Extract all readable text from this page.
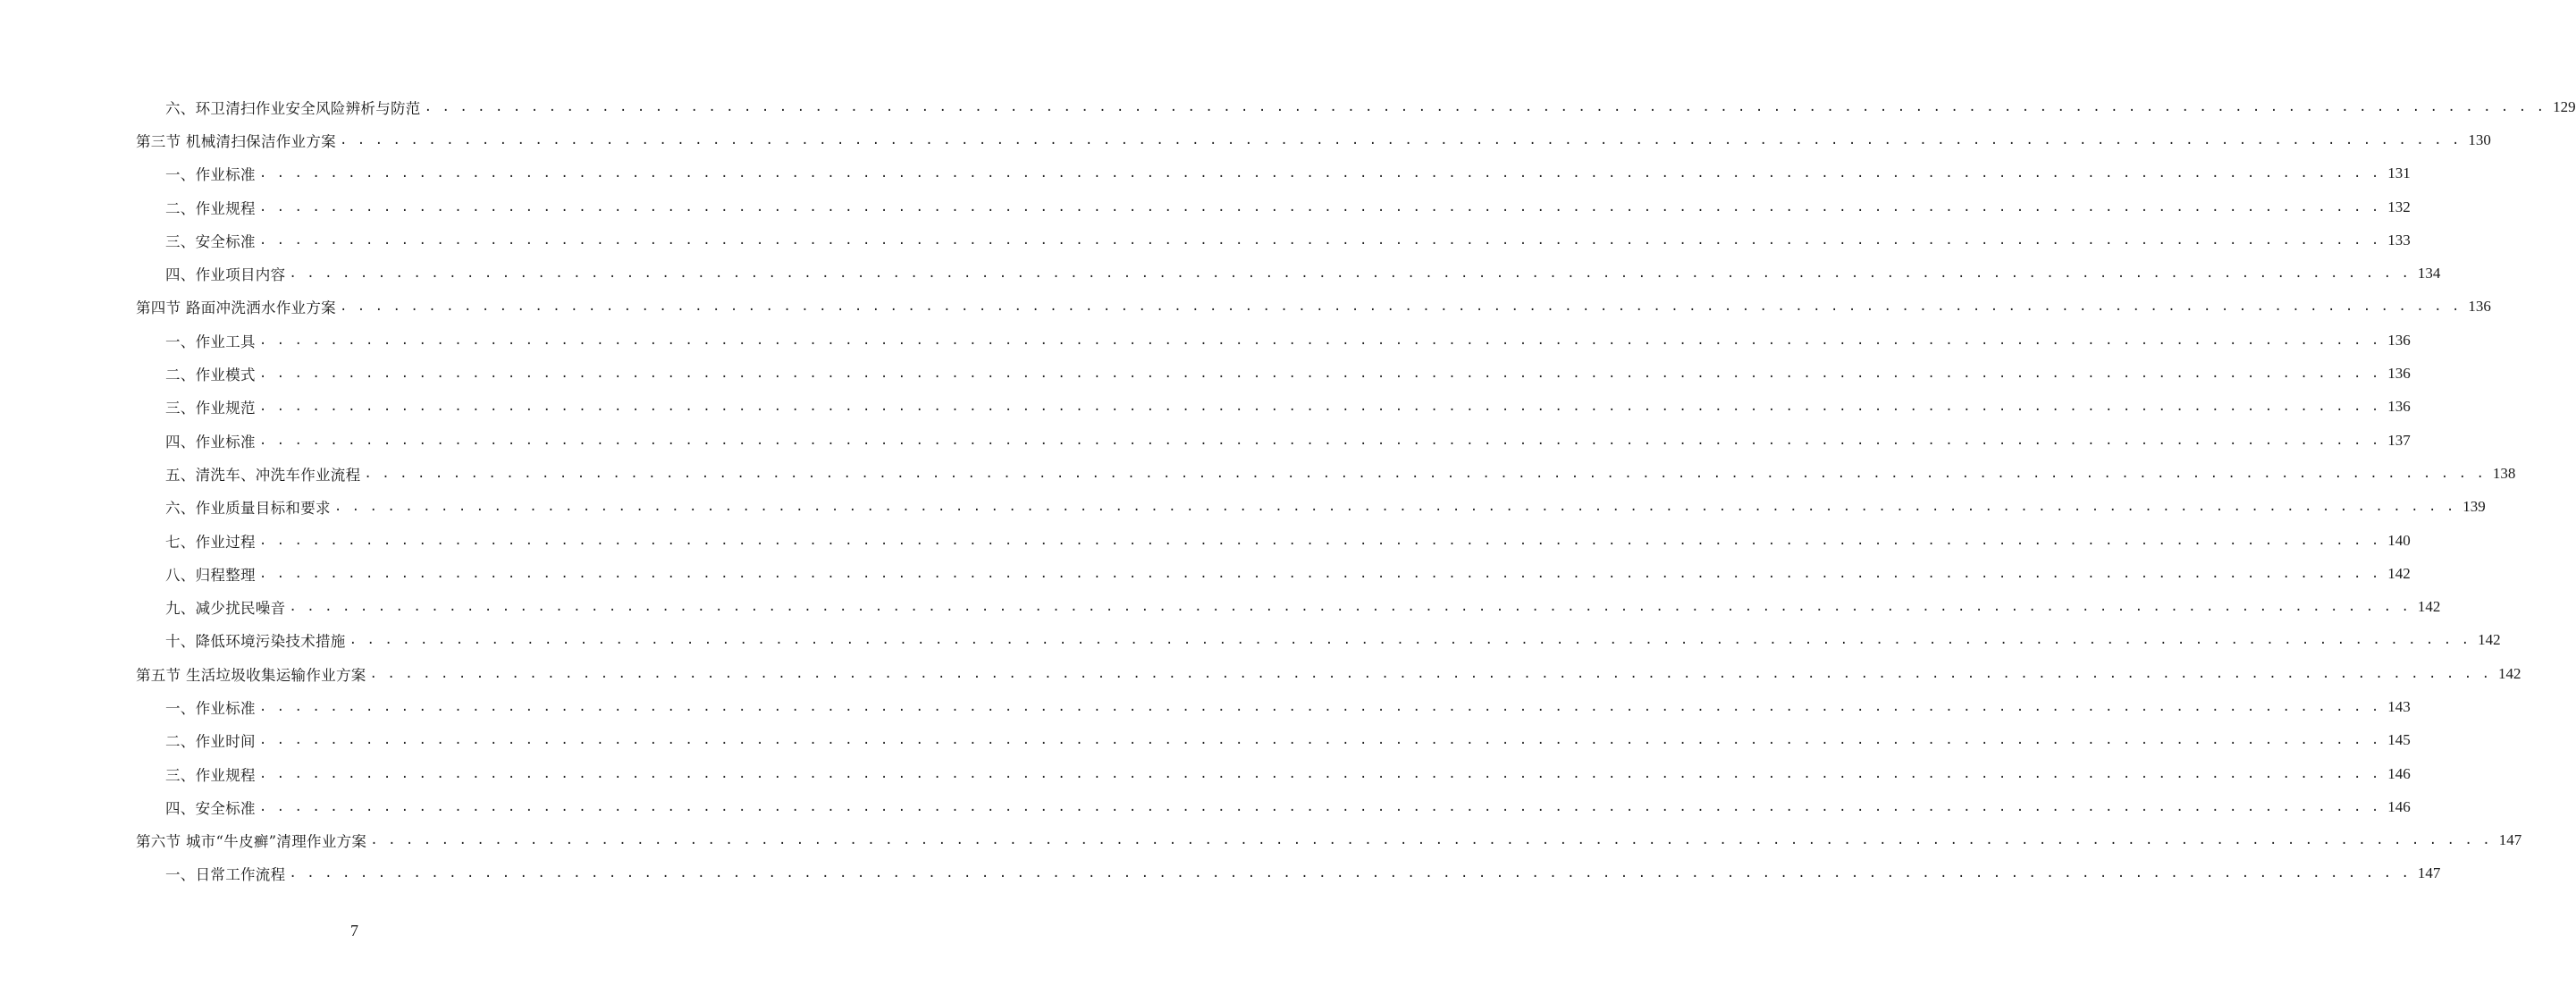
六、环卫清扫作业安全风险辨析与防范 . . . . . . . . . . . . . . . . . . . . . . . . . . . . . . . . . . . . . . . . . . . . . . . . . . . . . . . . . . . . . . . . . . . . . . . . . . . . . . . . . . . . . . . . . . . . . . . . . . . . . . . . . . . . . . . . . . . . . . . . 129
第三节 机械清扫保洁作业方案 . . . . . . . . . . . . . . . . . . . . . . . . . . . . . . . . . . . . . . . . . . . . . . . . . . . . . . . . . . . . . . . . . . . . . . . . . . . . . . . . . . . . . . . . . . . . . . . . . . . . . . . . . . . . . . . . . . . . . . . . 130
一、作业标准 . . . . . . . . . . . . . . . . . . . . . . . . . . . . . . . . . . . . . . . . . . . . . . . . . . . . . . . . . . . . . . . . . . . . . . . . . . . . . . . . . . . . . . . . . . . . . . . . . . . . . . . . . . . . . . . . . . . . . . . . 131
二、作业规程 . . . . . . . . . . . . . . . . . . . . . . . . . . . . . . . . . . . . . . . . . . . . . . . . . . . . . . . . . . . . . . . . . . . . . . . . . . . . . . . . . . . . . . . . . . . . . . . . . . . . . . . . . . . . . . . . . . . . . . . . 132
三、安全标准 . . . . . . . . . . . . . . . . . . . . . . . . . . . . . . . . . . . . . . . . . . . . . . . . . . . . . . . . . . . . . . . . . . . . . . . . . . . . . . . . . . . . . . . . . . . . . . . . . . . . . . . . . . . . . . . . . . . . . . . . 133
四、作业项目内容 . . . . . . . . . . . . . . . . . . . . . . . . . . . . . . . . . . . . . . . . . . . . . . . . . . . . . . . . . . . . . . . . . . . . . . . . . . . . . . . . . . . . . . . . . . . . . . . . . . . . . . . . . . . . . . . . . . . . . . . . 134
第四节 路面冲洗洒水作业方案 . . . . . . . . . . . . . . . . . . . . . . . . . . . . . . . . . . . . . . . . . . . . . . . . . . . . . . . . . . . . . . . . . . . . . . . . . . . . . . . . . . . . . . . . . . . . . . . . . . . . . . . . . . . . . . . . . . . . . . . . 136
一、作业工具 . . . . . . . . . . . . . . . . . . . . . . . . . . . . . . . . . . . . . . . . . . . . . . . . . . . . . . . . . . . . . . . . . . . . . . . . . . . . . . . . . . . . . . . . . . . . . . . . . . . . . . . . . . . . . . . . . . . . . . . . 136
二、作业模式 . . . . . . . . . . . . . . . . . . . . . . . . . . . . . . . . . . . . . . . . . . . . . . . . . . . . . . . . . . . . . . . . . . . . . . . . . . . . . . . . . . . . . . . . . . . . . . . . . . . . . . . . . . . . . . . . . . . . . . . . 136
三、作业规范 . . . . . . . . . . . . . . . . . . . . . . . . . . . . . . . . . . . . . . . . . . . . . . . . . . . . . . . . . . . . . . . . . . . . . . . . . . . . . . . . . . . . . . . . . . . . . . . . . . . . . . . . . . . . . . . . . . . . . . . . 136
四、作业标准 . . . . . . . . . . . . . . . . . . . . . . . . . . . . . . . . . . . . . . . . . . . . . . . . . . . . . . . . . . . . . . . . . . . . . . . . . . . . . . . . . . . . . . . . . . . . . . . . . . . . . . . . . . . . . . . . . . . . . . . . 137
五、清洗车、冲洗车作业流程 . . . . . . . . . . . . . . . . . . . . . . . . . . . . . . . . . . . . . . . . . . . . . . . . . . . . . . . . . . . . . . . . . . . . . . . . . . . . . . . . . . . . . . . . . . . . . . . . . . . . . . . . . . . . . . . . . . . . . . . . 138
六、作业质量目标和要求 . . . . . . . . . . . . . . . . . . . . . . . . . . . . . . . . . . . . . . . . . . . . . . . . . . . . . . . . . . . . . . . . . . . . . . . . . . . . . . . . . . . . . . . . . . . . . . . . . . . . . . . . . . . . . . . . . . . . . . . . 139
七、作业过程 . . . . . . . . . . . . . . . . . . . . . . . . . . . . . . . . . . . . . . . . . . . . . . . . . . . . . . . . . . . . . . . . . . . . . . . . . . . . . . . . . . . . . . . . . . . . . . . . . . . . . . . . . . . . . . . . . . . . . . . . 140
八、归程整理 . . . . . . . . . . . . . . . . . . . . . . . . . . . . . . . . . . . . . . . . . . . . . . . . . . . . . . . . . . . . . . . . . . . . . . . . . . . . . . . . . . . . . . . . . . . . . . . . . . . . . . . . . . . . . . . . . . . . . . . . 142
九、减少扰民噪音 . . . . . . . . . . . . . . . . . . . . . . . . . . . . . . . . . . . . . . . . . . . . . . . . . . . . . . . . . . . . . . . . . . . . . . . . . . . . . . . . . . . . . . . . . . . . . . . . . . . . . . . . . . . . . . . . . . . . . . . . 142
十、降低环境污染技术措施 . . . . . . . . . . . . . . . . . . . . . . . . . . . . . . . . . . . . . . . . . . . . . . . . . . . . . . . . . . . . . . . . . . . . . . . . . . . . . . . . . . . . . . . . . . . . . . . . . . . . . . . . . . . . . . . . . . . . . . . . 142
第五节 生活垃圾收集运输作业方案 . . . . . . . . . . . . . . . . . . . . . . . . . . . . . . . . . . . . . . . . . . . . . . . . . . . . . . . . . . . . . . . . . . . . . . . . . . . . . . . . . . . . . . . . . . . . . . . . . . . . . . . . . . . . . . . . . . . . . . . . 142
一、作业标准 . . . . . . . . . . . . . . . . . . . . . . . . . . . . . . . . . . . . . . . . . . . . . . . . . . . . . . . . . . . . . . . . . . . . . . . . . . . . . . . . . . . . . . . . . . . . . . . . . . . . . . . . . . . . . . . . . . . . . . . . 143
二、作业时间 . . . . . . . . . . . . . . . . . . . . . . . . . . . . . . . . . . . . . . . . . . . . . . . . . . . . . . . . . . . . . . . . . . . . . . . . . . . . . . . . . . . . . . . . . . . . . . . . . . . . . . . . . . . . . . . . . . . . . . . . 145
三、作业规程 . . . . . . . . . . . . . . . . . . . . . . . . . . . . . . . . . . . . . . . . . . . . . . . . . . . . . . . . . . . . . . . . . . . . . . . . . . . . . . . . . . . . . . . . . . . . . . . . . . . . . . . . . . . . . . . . . . . . . . . . 146
四、安全标准 . . . . . . . . . . . . . . . . . . . . . . . . . . . . . . . . . . . . . . . . . . . . . . . . . . . . . . . . . . . . . . . . . . . . . . . . . . . . . . . . . . . . . . . . . . . . . . . . . . . . . . . . . . . . . . . . . . . . . . . . 146
第六节 城市“牛皮癣”清理作业方案 . . . . . . . . . . . . . . . . . . . . . . . . . . . . . . . . . . . . . . . . . . . . . . . . . . . . . . . . . . . . . . . . . . . . . . . . . . . . . . . . . . . . . . . . . . . . . . . . . . . . . . . . . . . . . . . . . . . . . . . . 147
一、日常工作流程 . . . . . . . . . . . . . . . . . . . . . . . . . . . . . . . . . . . . . . . . . . . . . . . . . . . . . . . . . . . . . . . . . . . . . . . . . . . . . . . . . . . . . . . . . . . . . . . . . . . . . . . . . . . . . . . . . . . . . . . . 147
7
